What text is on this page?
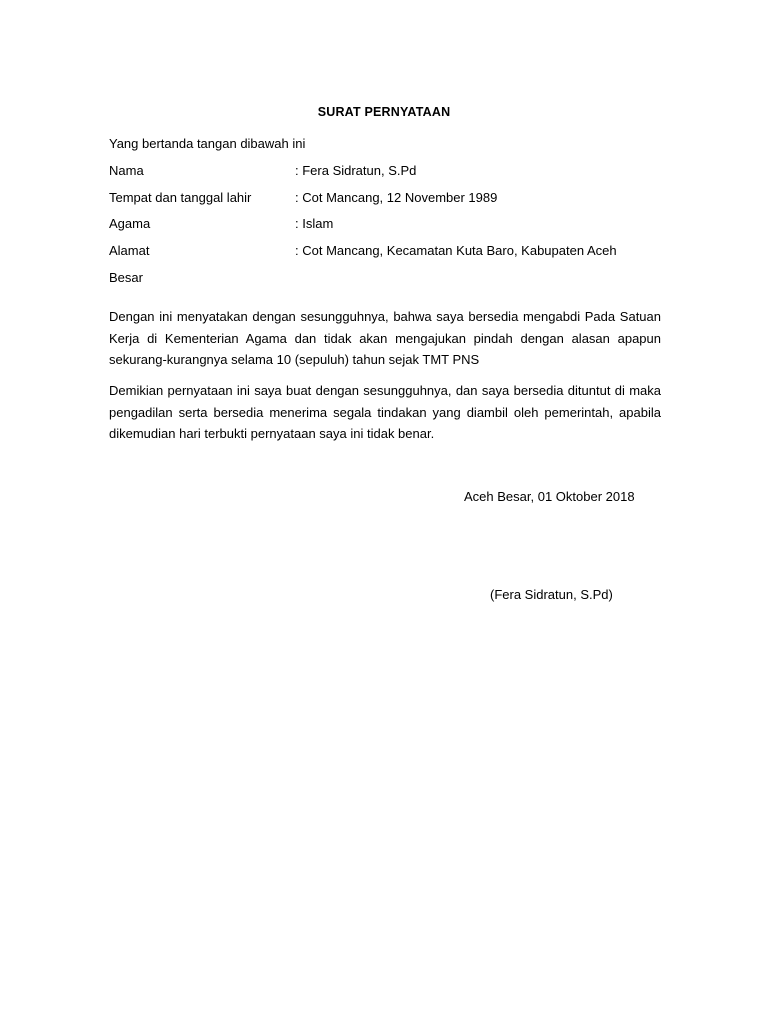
SURAT PERNYATAAN

Yang bertanda tangan dibawah ini

Nama	: Fera Sidratun, S.Pd

Tempat dan tanggal lahir	: Cot Mancang, 12 November 1989

Agama	: Islam

Alamat	: Cot Mancang, Kecamatan Kuta Baro, Kabupaten Aceh

Besar

Dengan ini menyatakan dengan sesungguhnya, bahwa saya bersedia mengabdi Pada Satuan Kerja di Kementerian Agama dan tidak akan mengajukan pindah dengan alasan apapun sekurang-kurangnya selama 10 (sepuluh) tahun sejak TMT PNS

Demikian pernyataan ini saya buat dengan sesungguhnya, dan saya bersedia dituntut di maka pengadilan serta bersedia menerima segala tindakan yang diambil oleh pemerintah, apabila dikemudian hari terbukti pernyataan saya ini tidak benar.

Aceh Besar, 01 Oktober 2018

(Fera Sidratun, S.Pd)
